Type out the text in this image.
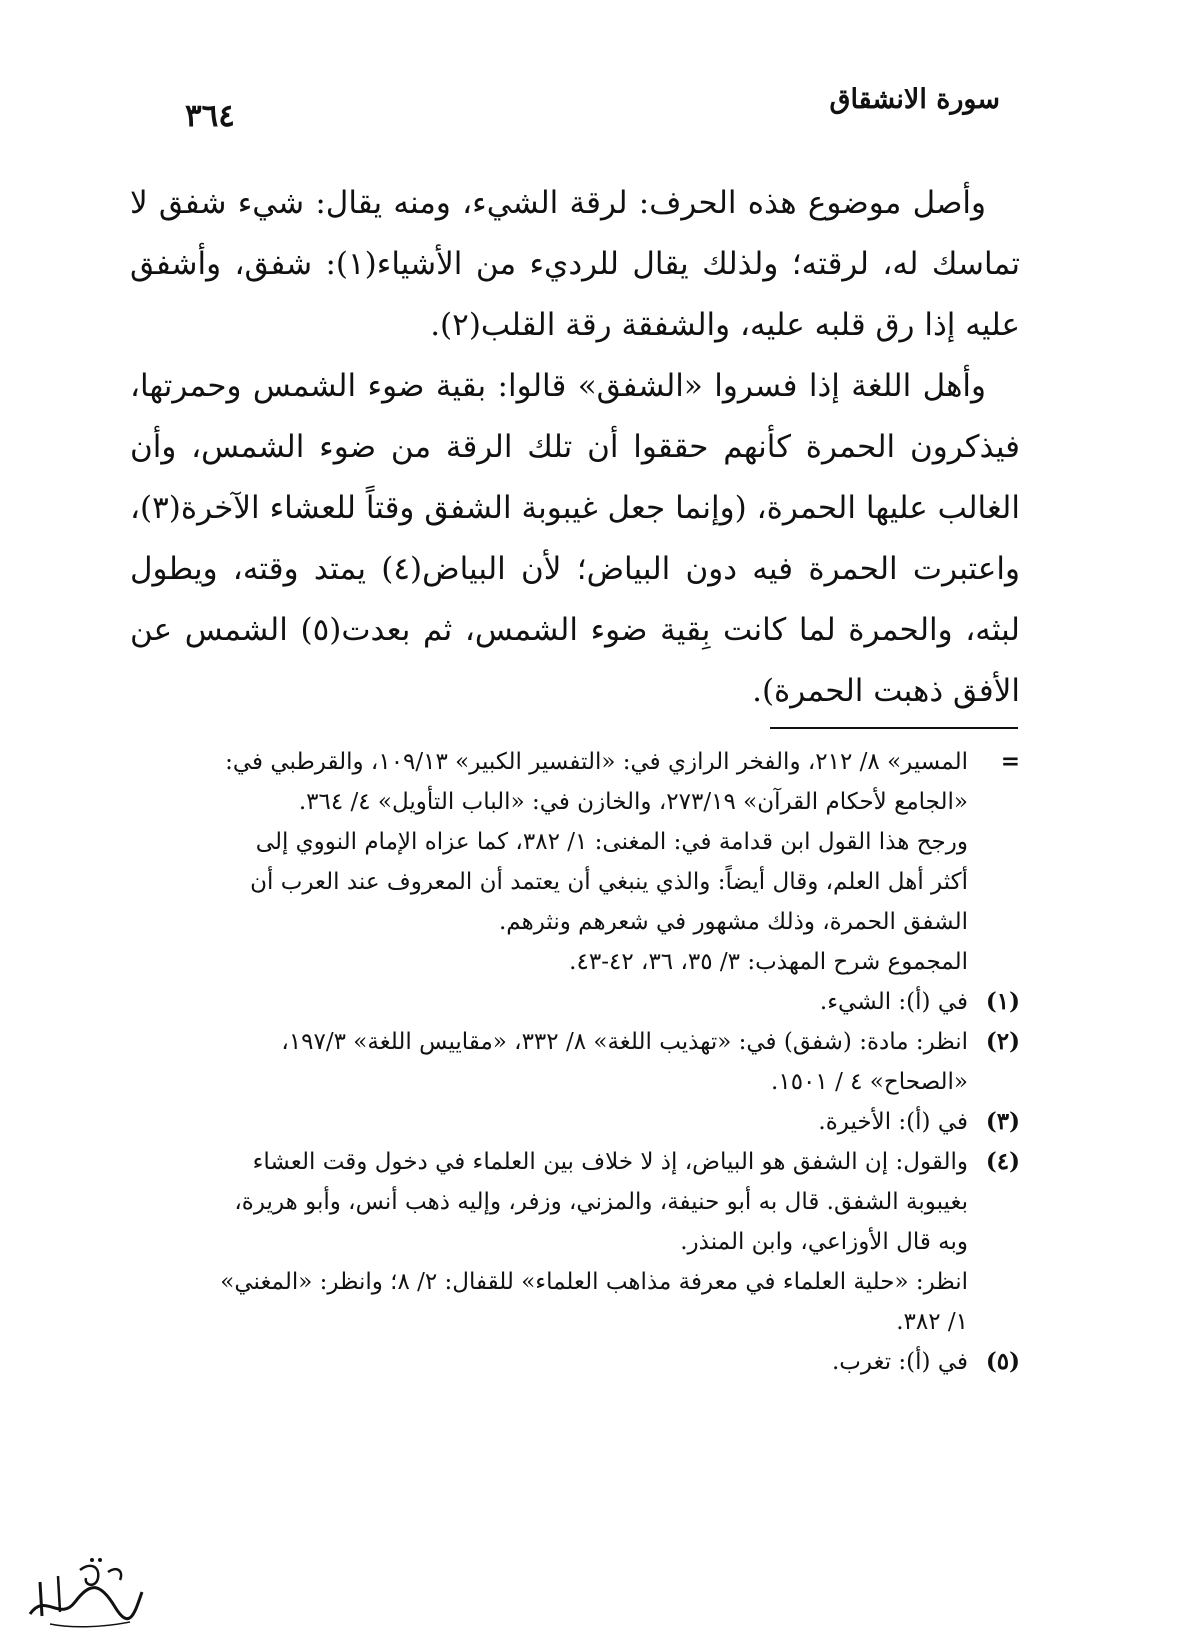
سورة الانشقاق
٣٦٤

وأصل موضوع هذه الحرف: لرقة الشيء، ومنه يقال: شيء شفق لا تماسك له، لرقته؛ ولذلك يقال للرديء من الأشياء(١): شفق، وأشفق عليه إذا رق قلبه عليه، والشفقة رقة القلب(٢).

وأهل اللغة إذا فسروا «الشفق» قالوا: بقية ضوء الشمس وحمرتها، فيذكرون الحمرة كأنهم حققوا أن تلك الرقة من ضوء الشمس، وأن الغالب عليها الحمرة، (وإنما جعل غيبوبة الشفق وقتاً للعشاء الآخرة(٣)، واعتبرت الحمرة فيه دون البياض؛ لأن البياض(٤) يمتد وقته، ويطول لبثه، والحمرة لما كانت بِقية ضوء الشمس، ثم بعدت(٥) الشمس عن الأفق ذهبت الحمرة).

=
المسير» ٨/ ٢١٢، والفخر الرازي في: «التفسير الكبير» ١٠٩/١٣، والقرطبي في:
«الجامع لأحكام القرآن» ٢٧٣/١٩، والخازن في: «الباب التأويل» ٤/ ٣٦٤.
ورجح هذا القول ابن قدامة في: المغنى: ١/ ٣٨٢، كما عزاه الإمام النووي إلى
أكثر أهل العلم، وقال أيضاً: والذي ينبغي أن يعتمد أن المعروف عند العرب أن
الشفق الحمرة، وذلك مشهور في شعرهم ونثرهم.
المجموع شرح المهذب: ٣/ ٣٥، ٣٦، ٤٢-٤٣.
(١)
في (أ): الشيء.
(٢)
انظر: مادة: (شفق) في: «تهذيب اللغة» ٨/ ٣٣٢، «مقاييس اللغة» ١٩٧/٣،
«الصحاح» ٤ / ١٥٠١.
(٣)
في (أ): الأخيرة.
(٤)
والقول: إن الشفق هو البياض، إذ لا خلاف بين العلماء في دخول وقت العشاء
بغيبوبة الشفق. قال به أبو حنيفة، والمزني، وزفر، وإليه ذهب أنس، وأبو هريرة،
وبه قال الأوزاعي، وابن المنذر.
انظر: «حلية العلماء في معرفة مذاهب العلماء» للقفال: ٢/ ٨؛ وانظر: «المغني»
١/ ٣٨٢.
(٥)
في (أ): تغرب.
